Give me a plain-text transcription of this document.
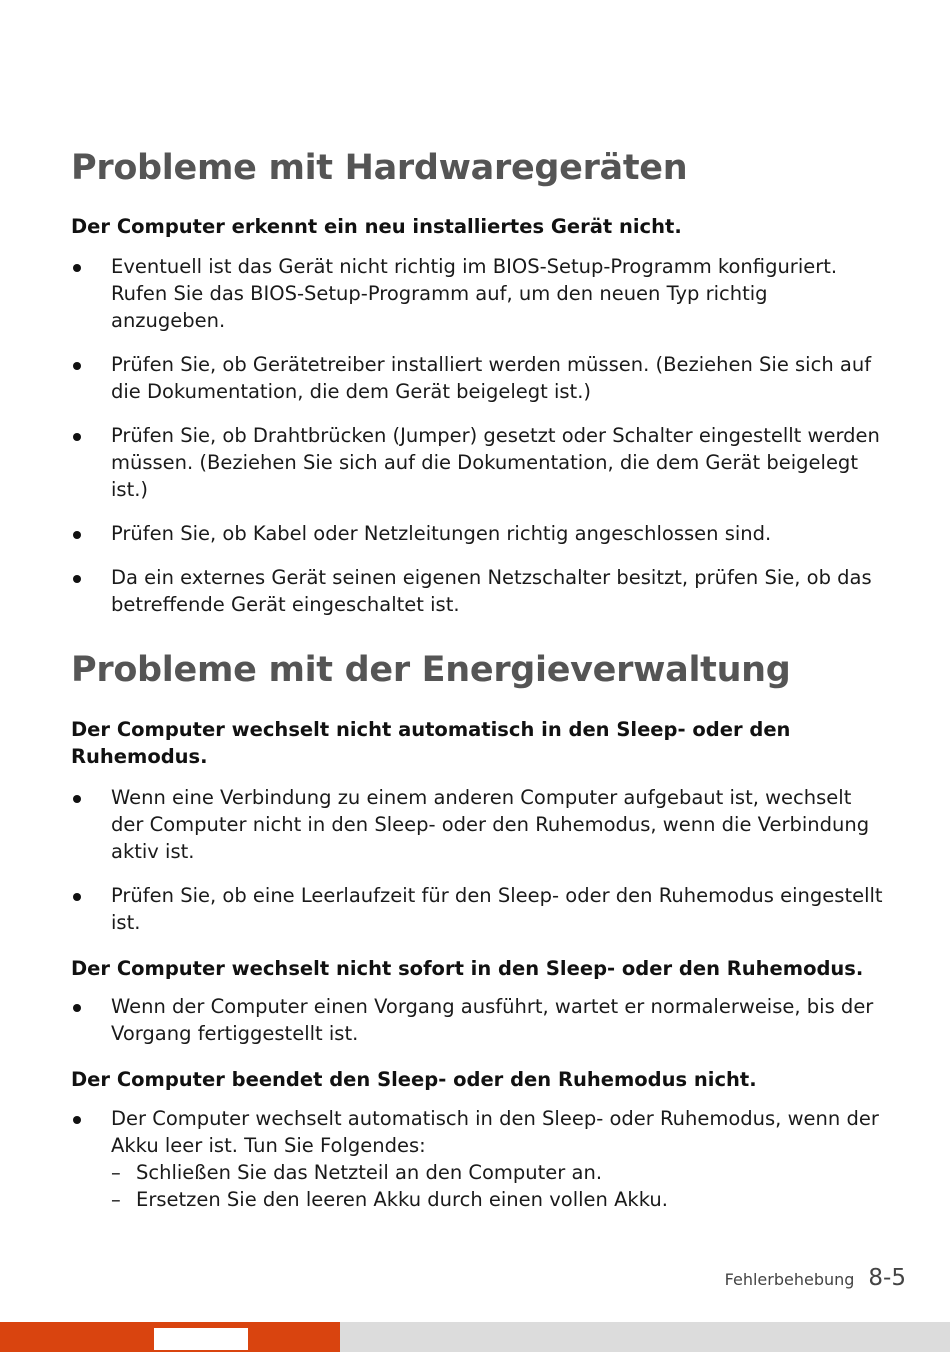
Probleme mit Hardwaregeräten

Der Computer erkennt ein neu installiertes Gerät nicht.

Eventuell ist das Gerät nicht richtig im BIOS-Setup-Programm konfiguriert. Rufen Sie das BIOS-Setup-Programm auf, um den neuen Typ richtig anzugeben.
Prüfen Sie, ob Gerätetreiber installiert werden müssen. (Beziehen Sie sich auf die Dokumentation, die dem Gerät beigelegt ist.)
Prüfen Sie, ob Drahtbrücken (Jumper) gesetzt oder Schalter eingestellt werden müssen. (Beziehen Sie sich auf die Dokumentation, die dem Gerät beigelegt ist.)
Prüfen Sie, ob Kabel oder Netzleitungen richtig angeschlossen sind.
Da ein externes Gerät seinen eigenen Netzschalter besitzt, prüfen Sie, ob das betreffende Gerät eingeschaltet ist.
Probleme mit der Energieverwaltung

Der Computer wechselt nicht automatisch in den Sleep- oder den Ruhemodus.

Wenn eine Verbindung zu einem anderen Computer aufgebaut ist, wechselt der Computer nicht in den Sleep- oder den Ruhemodus, wenn die Verbindung aktiv ist.
Prüfen Sie, ob eine Leerlaufzeit für den Sleep- oder den Ruhemodus eingestellt ist.

Der Computer wechselt nicht sofort in den Sleep- oder den Ruhemodus.

Wenn der Computer einen Vorgang ausführt, wartet er normalerweise, bis der Vorgang fertiggestellt ist.

Der Computer beendet den Sleep- oder den Ruhemodus nicht.

Der Computer wechselt automatisch in den Sleep- oder Ruhemodus, wenn der Akku leer ist. Tun Sie Folgendes:
– Schließen Sie das Netzteil an den Computer an.
– Ersetzen Sie den leeren Akku durch einen vollen Akku.
Fehlerbehebung 8-5
